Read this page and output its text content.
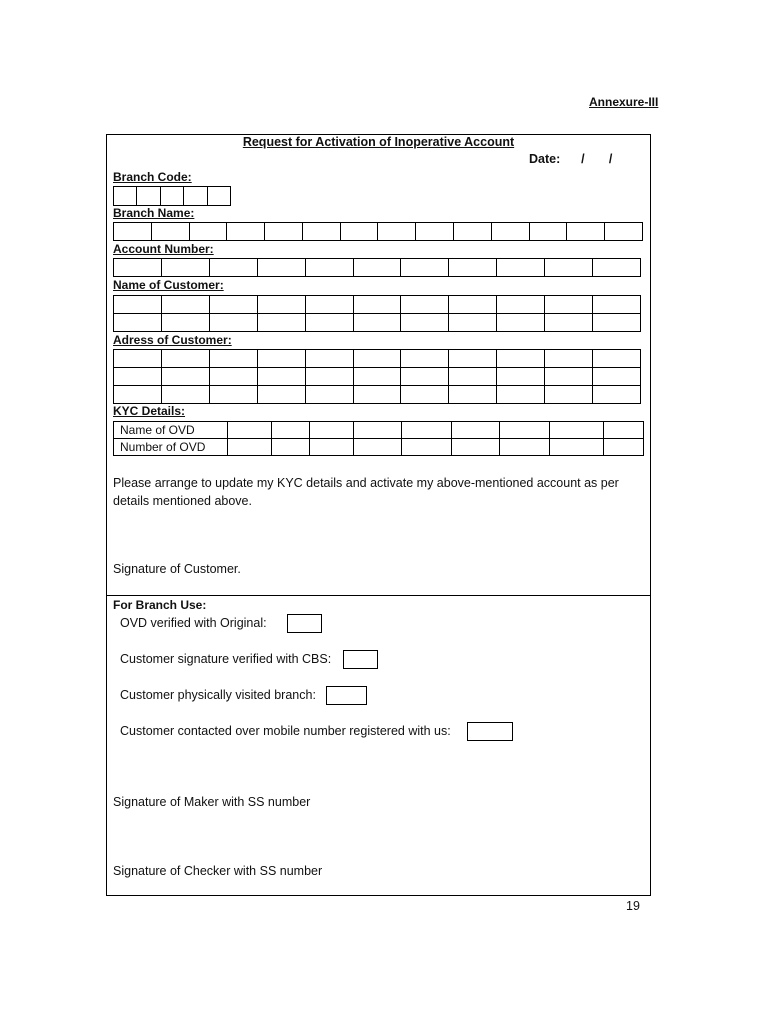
Annexure-III
Request for Activation of Inoperative Account
Date:      /       /
Branch Code:

Branch Name:

Account Number:

Name of Customer:

Adress of Customer:

KYC Details:
Name of OVD									
Number of OVD									
Please arrange to update my KYC details and activate my above-mentioned account as per details mentioned above.
Signature of Customer.
For Branch Use:
OVD verified with Original:
Customer signature verified with CBS:
Customer physically visited branch:
Customer contacted over mobile number registered with us:
Signature of Maker with SS number
Signature of Checker with SS number
19
